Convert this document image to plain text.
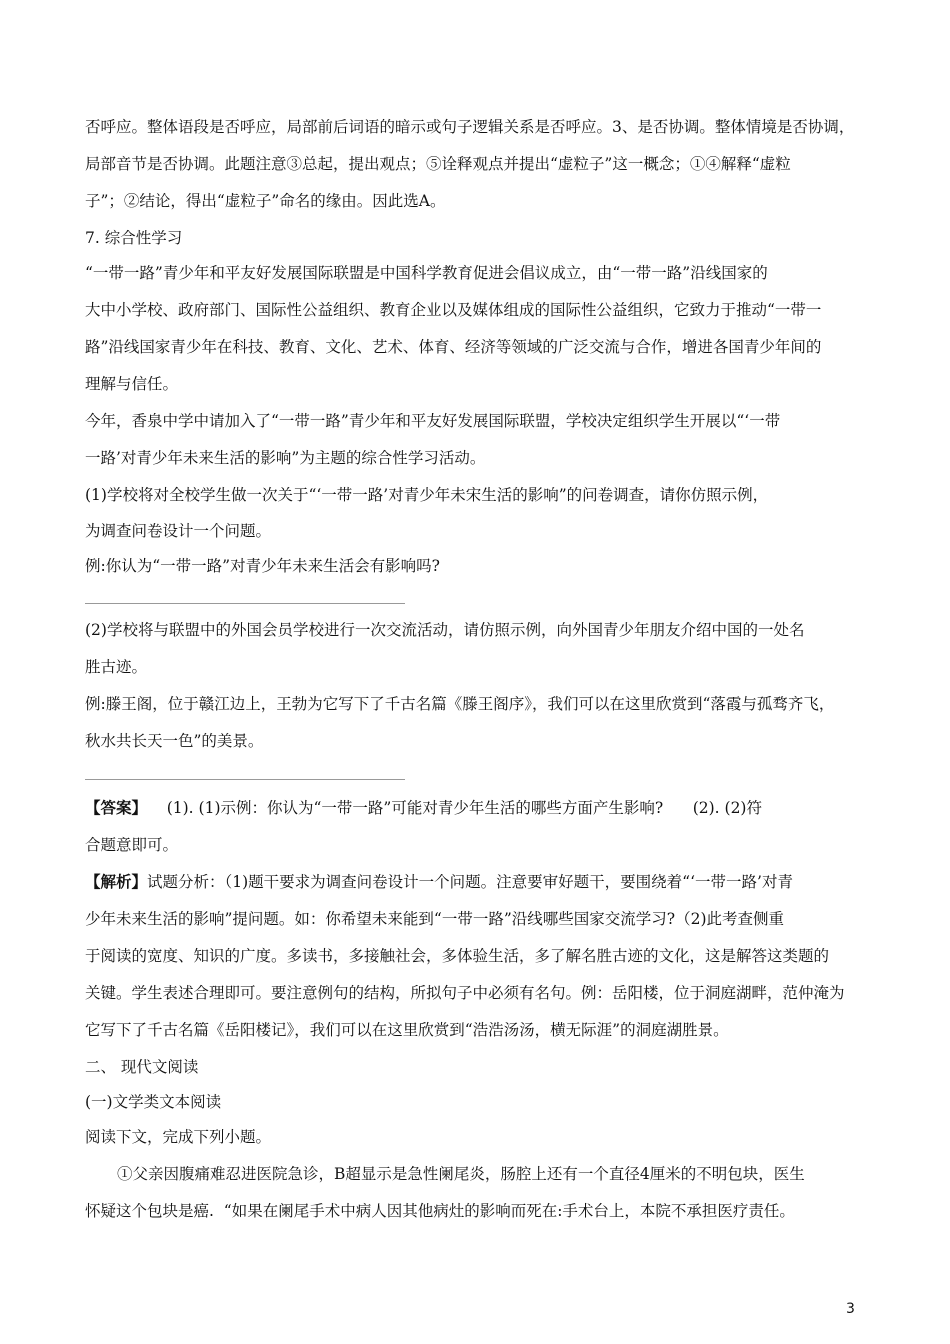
否呼应。整体语段是否呼应，局部前后词语的暗示或句子逻辑关系是否呼应。3、是否协调。整体情境是否协调，
局部音节是否协调。此题注意③总起，提出观点；⑤诠释观点并提出“虚粒子”这一概念；①④解释“虚粒
子”；②结论，得出“虚粒子”命名的缘由。因此选A。
7. 综合性学习
“一带一路”青少年和平友好发展国际联盟是中国科学教育促进会倡议成立，由“一带一路”沿线国家的
大中小学校、政府部门、国际性公益组织、教育企业以及媒体组成的国际性公益组织，它致力于推动“一带一
路”沿线国家青少年在科技、教育、文化、艺术、体育、经济等领域的广泛交流与合作，增进各国青少年间的
理解与信任。
今年，香泉中学中请加入了“一带一路”青少年和平友好发展国际联盟，学校决定组织学生开展以“‘一带
一路’对青少年未来生活的影响”为主题的综合性学习活动。
(1)学校将对全校学生做一次关于“‘一带一路’对青少年未宋生活的影响”的问卷调查，请你仿照示例，
为调查问卷设计一个问题。
例:你认为“一带一路”对青少年未来生活会有影响吗?
(2)学校将与联盟中的外国会员学校进行一次交流活动，请仿照示例，向外国青少年朋友介绍中国的一处名
胜古迹。
例:滕王阁，位于赣江边上，王勃为它写下了千古名篇《滕王阁序》，我们可以在这里欣赏到“落霞与孤骛齐飞，
秋水共长天一色”的美景。
【答案】    (1). (1)示例：你认为“一带一路”可能对青少年生活的哪些方面产生影响?      (2). (2)符
合题意即可。
【解析】试题分析：（1)题干要求为调查问卷设计一个问题。注意要审好题干，要围绕着“‘一带一路’对青
少年未来生活的影响”提问题。如：你希望未来能到“一带一路”沿线哪些国家交流学习?（2)此考查侧重
于阅读的宽度、知识的广度。多读书，多接触社会，多体验生活，多了解名胜古迹的文化，这是解答这类题的
关键。学生表述合理即可。要注意例句的结构，所拟句子中必须有名句。例：岳阳楼，位于洞庭湖畔，范仲淹为
它写下了千古名篇《岳阳楼记》，我们可以在这里欣赏到“浩浩汤汤，横无际涯”的洞庭湖胜景。
二、 现代文阅读
(一)文学类文本阅读
阅读下文，完成下列小题。
①父亲因腹痛难忍进医院急诊，B超显示是急性阑尾炎，肠腔上还有一个直径4厘米的不明包块，医生
怀疑这个包块是癌.  “如果在阑尾手术中病人因其他病灶的影响而死在:手术台上，本院不承担医疗责任。
3
